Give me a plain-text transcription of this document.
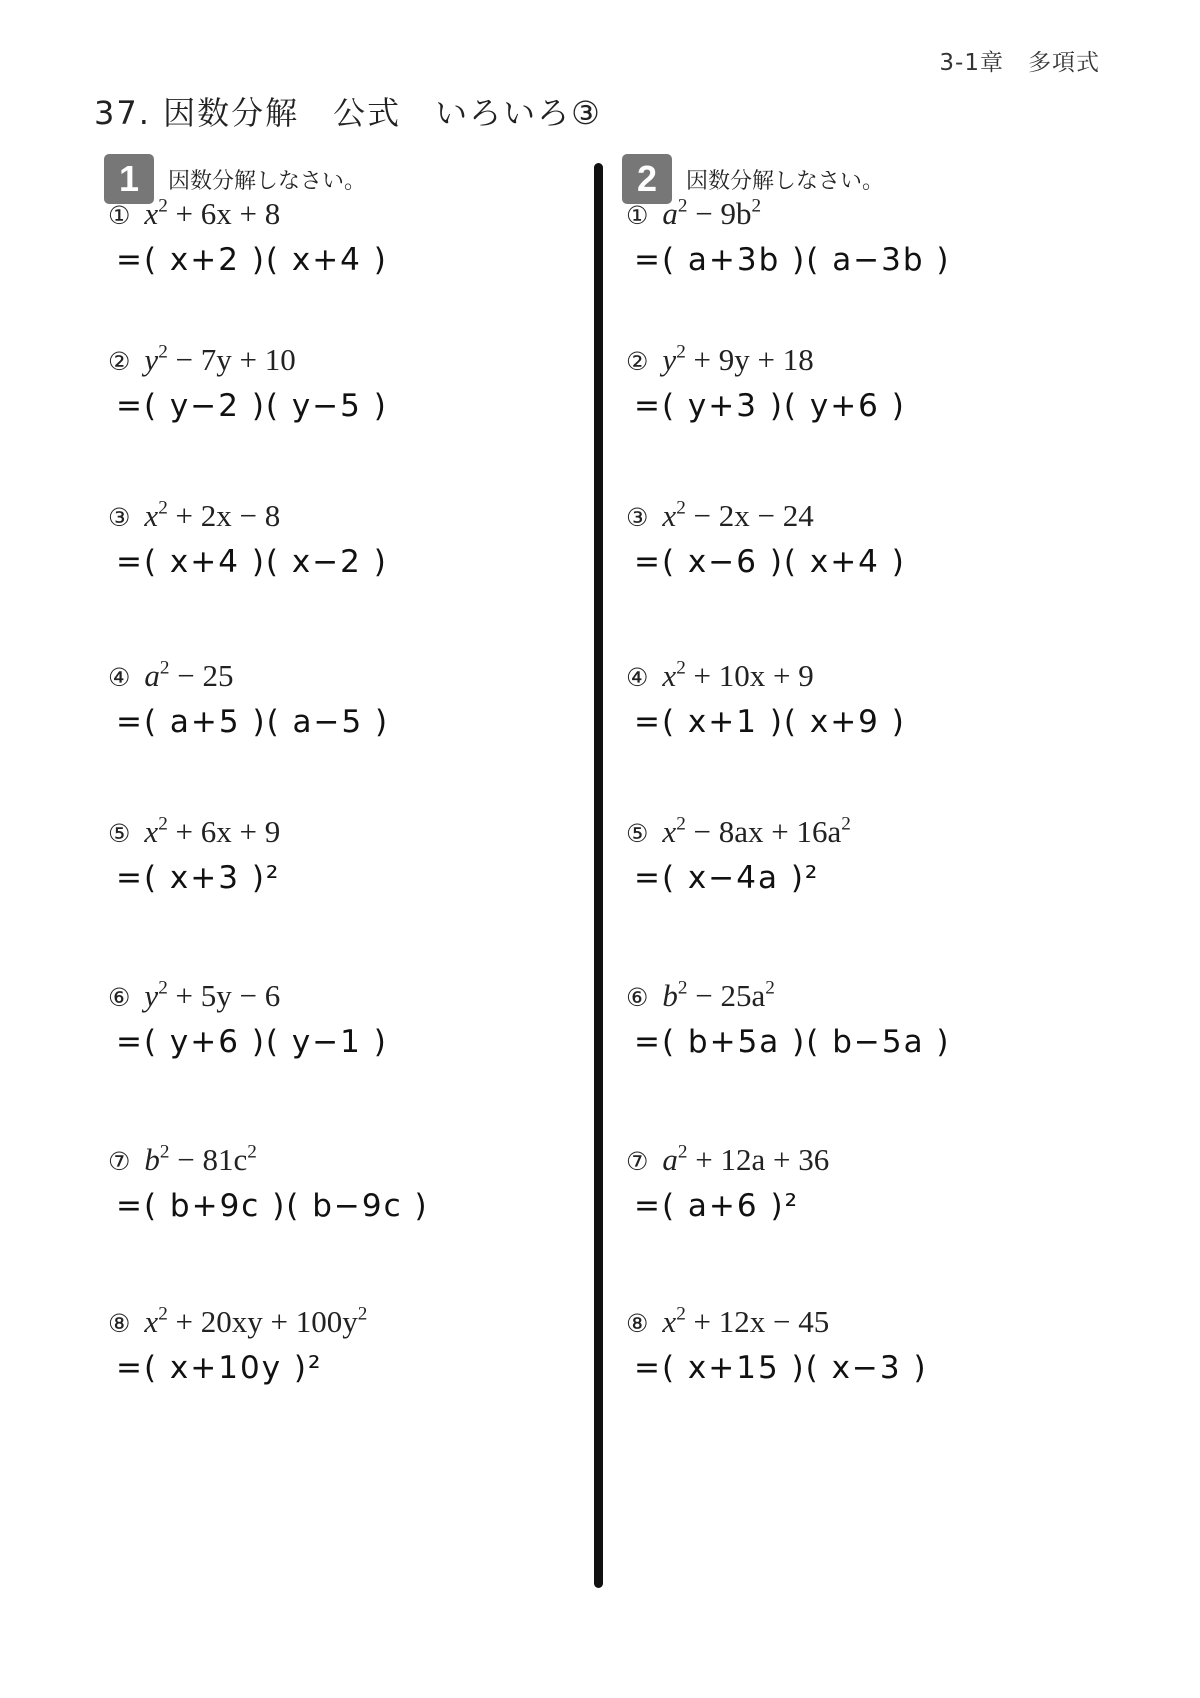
3-1章　多項式
37. 因数分解　公式　いろいろ③
1	因数分解しなさい。
① $x^2 + 6x + 8$
=( x+2 )( x+4 )
② $y^2 - 7y + 10$
=( y−2 )( y−5 )
③ $x^2 + 2x - 8$
=( x+4 )( x−2 )
④ $a^2 - 25$
=( a+5 )( a−5 )
⑤ $x^2 + 6x + 9$
=( x+3 )²
⑥ $y^2 + 5y - 6$
=( y+6 )( y−1 )
⑦ $b^2 - 81c^2$
=( b+9c )( b−9c )
⑧ $x^2 + 20xy + 100y^2$
=( x+10y )²
2	因数分解しなさい。
① $a^2 - 9b^2$
=( a+3b )( a−3b )
② $y^2 + 9y + 18$
=( y+3 )( y+6 )
③ $x^2 - 2x - 24$
=( x−6 )( x+4 )
④ $x^2 + 10x + 9$
=( x+1 )( x+9 )
⑤ $x^2 - 8ax + 16a^2$
=( x−4a )²
⑥ $b^2 - 25a^2$
=( b+5a )( b−5a )
⑦ $a^2 + 12a + 36$
=( a+6 )²
⑧ $x^2 + 12x - 45$
=( x+15 )( x−3 )
